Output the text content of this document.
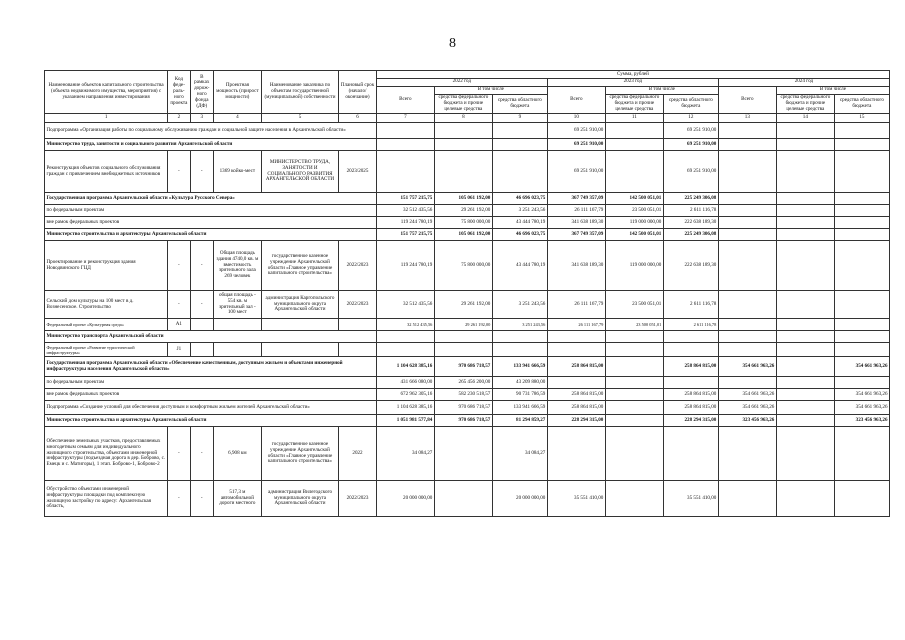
8
Наименование объектов капитального строительства (объекта недвижимого имущества, мероприятия) с указанием направления инвестирования	Код феде-раль-ного проекта	В рамках дорож-ного фонда (ДФ)	Проектная мощность (прирост мощности)	Наименование заказчика по объектам государственной (муниципальной) собственности	Плановый срок (начало/ окончание)	Сумма, рублей								
						2022 год			2023 год			2024 год		
						Всего	В том числе		Всего	В том числе		Всего	В том числе	
							средства федерального бюджета и прочие целевые средства	средства областного бюджета		средства федерального бюджета и прочие целевые средства	средства областного бюджета		средства федерального бюджета и прочие целевые средства	средства областного бюджета
1	2	3	4	5	6	7	8	9	10	11	12	13	14	15
Подпрограмма «Организация работы по социальному обслуживанию граждан и социальной защите населения в Архангельской области»									69 251 910,00		69 251 910,00			
Министерство труда, занятости и социального развития Архангельской области									69 251 910,00		69 251 910,00			
Реконструкция объектов социального обслуживания граждан с привлечением внебюджетных источников	-	-	1369 койко-мест	МИНИСТЕРСТВО ТРУДА, ЗАНЯТОСТИ И СОЦИАЛЬНОГО РАЗВИТИЯ АРХАНГЕЛЬСКОЙ ОБЛАСТИ	2023/2025				69 251 910,00		69 251 910,00			
Государственная программа Архангельской области «Культура Русского Севера»						151 757 215,75	105 061 192,00	46 696 023,75	367 749 357,09	142 500 051,01	225 249 306,08			
по федеральным проектам						32 512 435,56	29 261 192,00	3 251 243,56	26 111 167,79	23 500 051,01	2 611 116,78			
вне рамок федеральных проектов						119 244 780,19	75 800 000,00	43 444 780,19	341 638 189,30	119 000 000,00	222 638 189,30			
Министерство строительства и архитектуры Архангельской области						151 757 215,75	105 061 192,00	46 696 023,75	367 749 357,09	142 500 051,01	225 249 306,08			
Проектирование и реконструкция здания Новодвинского ГЦД	-	-	Общая площадь здания 4740,0 кв. м вместимость зрительного зала 269 человек	государственное казенное учреждение Архангельской области «Главное управление капитального строительства»	2022/2023	119 244 780,19	75 800 000,00	43 444 780,19	341 638 189,30	119 000 000,00	222 638 189,30			
Сельский дом культуры на 100 мест в д. Вознесенское. Строительство	-	-	общая площадь - 554 кв. м зрительный зал - 100 мест	администрация Каргопольского муниципального округа Архангельской области	2022/2023	32 512 435,56	29 261 192,00	3 251 243,56	26 111 167,79	23 500 051,01	2 611 116,78			
Федеральный проект «Культурная среда»	A1					32 512 435,56	29 261 192,00	3 251 243,56	26 111 167,79	23 500 051,01	2 611 116,78			
Министерство транспорта Архангельской области														
Федеральный проект «Развитие туристической инфраструктуры»	J1													
Государственная программа Архангельской области «Обеспечение качественным, доступным жильем и объектами инженерной инфраструктуры населения Архангельской области»						1 104 628 385,16	970 686 718,57	133 941 666,59	258 864 815,00		258 864 815,00	354 661 963,26		354 661 963,26
по федеральным проектам						431 666 080,00	265 456 200,00	43 209 880,00						
вне рамок федеральных проектов						672 962 305,16	582 230 518,57	90 731 786,59	258 864 815,00		258 864 815,00	354 661 963,26		354 661 963,26
Подпрограмма «Создание условий для обеспечения доступным и комфортным жильем жителей Архангельской области»						1 104 628 385,16	970 686 718,57	133 941 666,59	258 864 815,00		258 864 815,00	354 661 963,26		354 661 963,26
Министерство строительства и архитектуры Архангельской области						1 051 981 577,84	970 686 718,57	81 294 859,27	228 294 315,00		228 294 315,00	323 456 963,26		323 456 963,26
Обеспечение земельных участков, предоставляемых многодетным семьям для индивидуального жилищного строительства, объектами инженерной инфраструктуры (подъездная дорога в дер. Боброво, с. Емецк и с. Матигоры), 1 этап. Боброво-1, Боброво-2	-	-	6,908 км	государственное казенное учреждение Архангельской области «Главное управление капитального строительства»	2022	34 084,27		34 084,27						
Обустройство объектами инженерной инфраструктуры площадки под комплексную жилищную застройку по адресу: Архангельская область,	-	-	517,3 м автомобильной дороги местного	администрация Вилегодского муниципального округа Архангельской области	2022/2023	20 000 000,00		20 000 000,00	35 551 410,00		35 551 410,00			
